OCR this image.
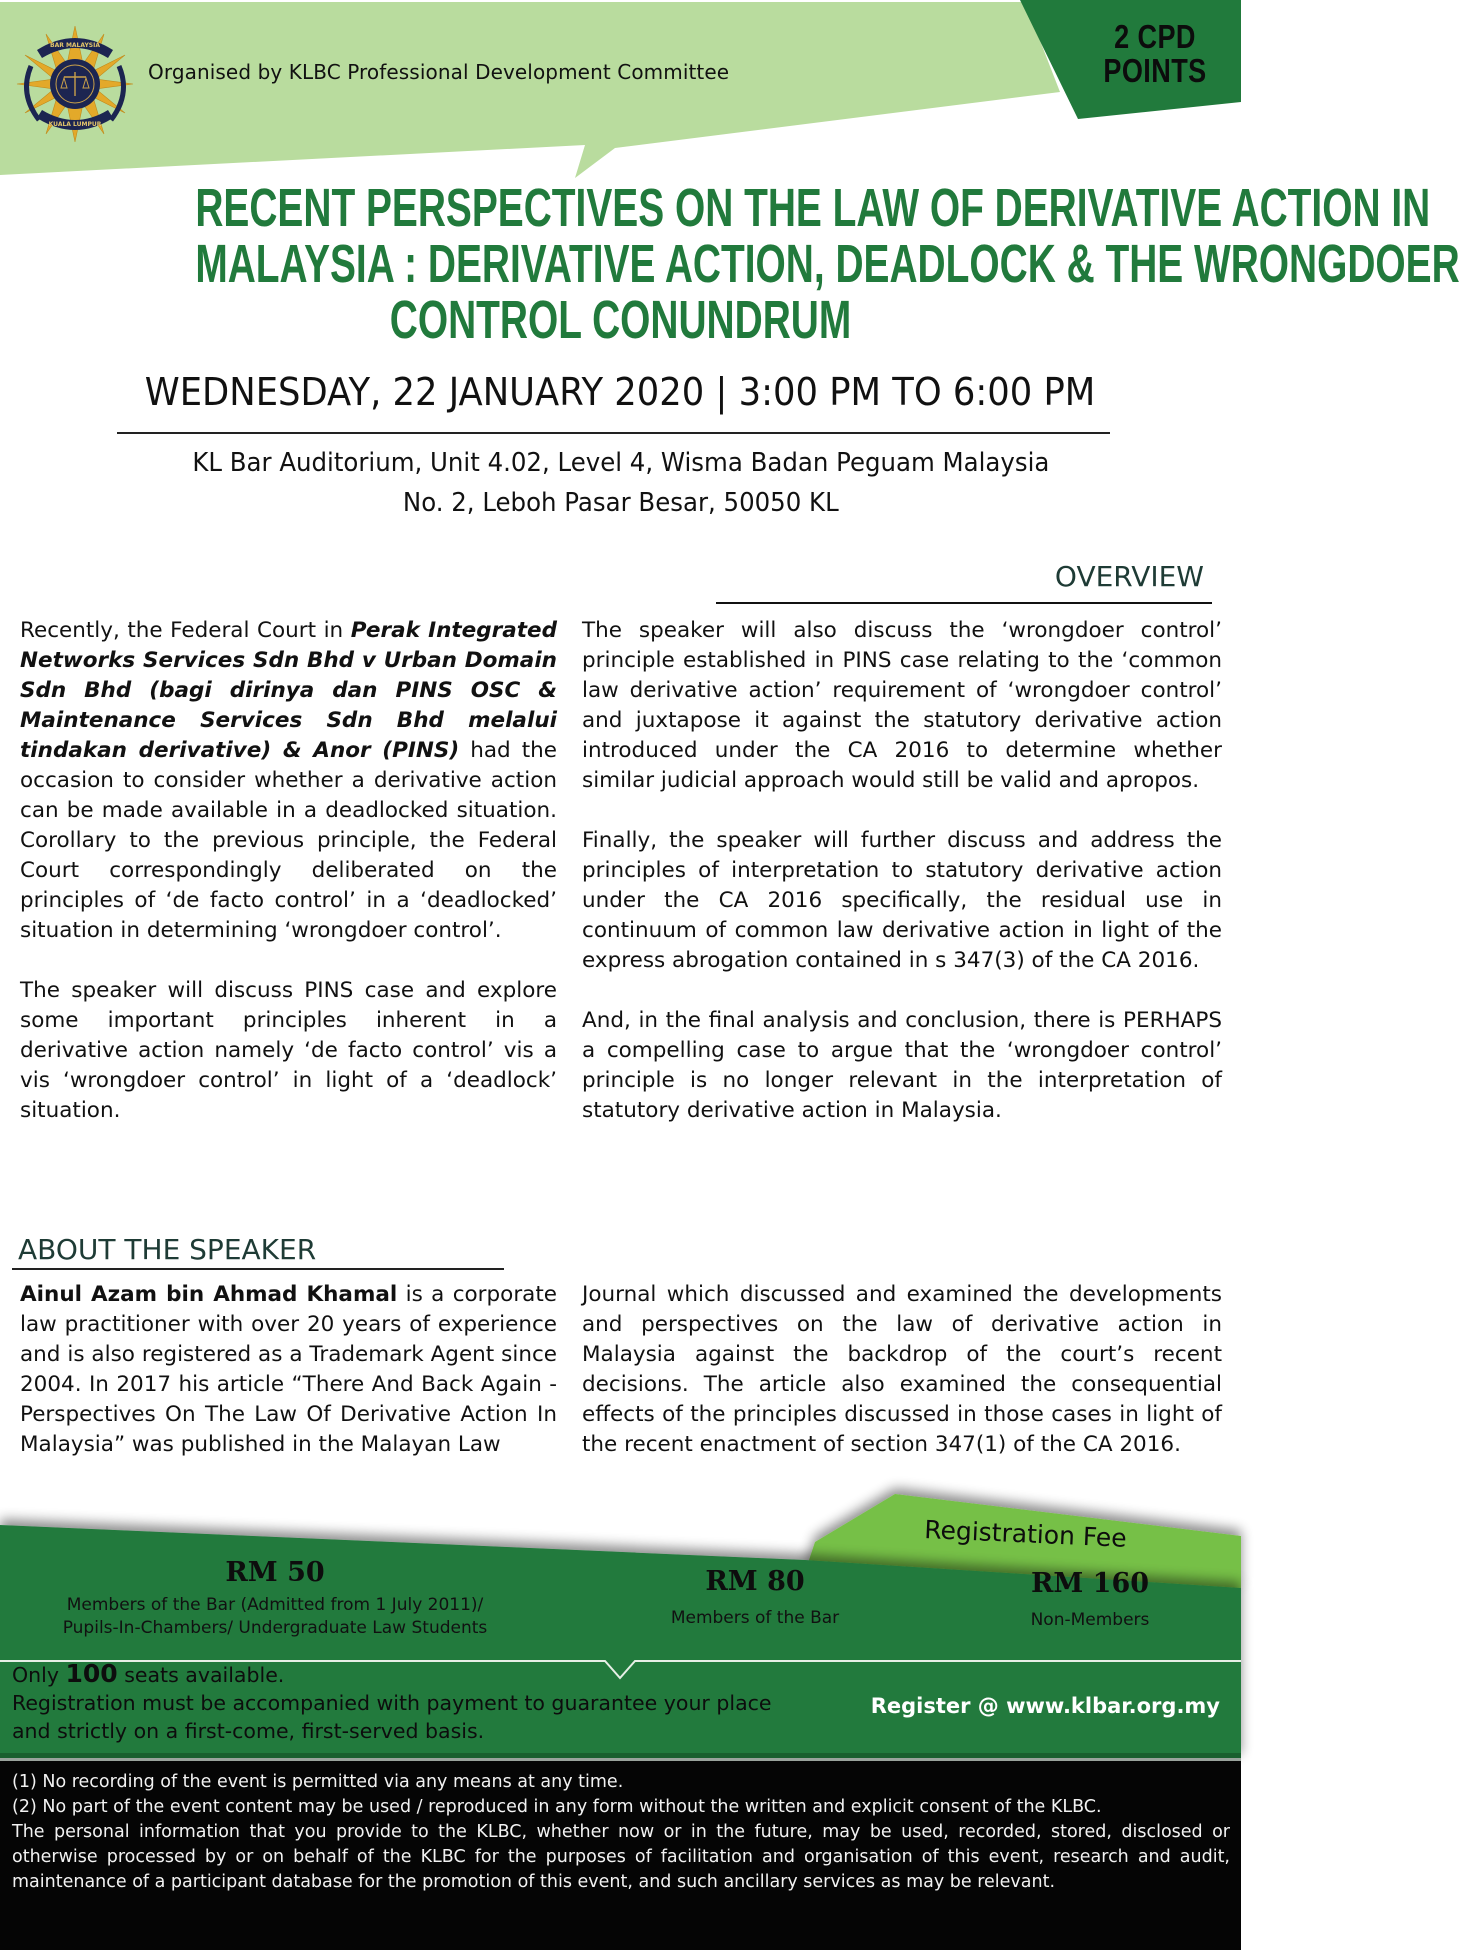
BAR MALAYSIA
KUALA LUMPUR
Organised by KLBC Professional Development Committee
2 CPD
POINTS
RECENT PERSPECTIVES ON THE LAW OF DERIVATIVE ACTION IN
MALAYSIA : DERIVATIVE ACTION, DEADLOCK & THE WRONGDOER
CONTROL CONUNDRUM
WEDNESDAY, 22 JANUARY 2020 | 3:00 PM TO 6:00 PM
KL Bar Auditorium, Unit 4.02, Level 4, Wisma Badan Peguam Malaysia
No. 2, Leboh Pasar Besar, 50050 KL
OVERVIEW

Recently, the Federal Court in Perak Integrated Networks Services Sdn Bhd v Urban Domain Sdn Bhd (bagi dirinya dan PINS OSC & Maintenance Services Sdn Bhd melalui tindakan derivative) & Anor (PINS) had the occasion to consider whether a derivative action can be made available in a deadlocked situation. Corollary to the previous principle, the Federal Court correspondingly deliberated on the principles of ‘de facto control’ in a ‘deadlocked’ situation in determining ‘wrongdoer control’.

The speaker will discuss PINS case and explore some important principles inherent in a derivative action namely ‘de facto control’ vis a vis ‘wrongdoer control’ in light of a ‘deadlock’ situation.

The speaker will also discuss the ‘wrongdoer control’ principle established in PINS case relating to the ‘common law derivative action’ requirement of ‘wrongdoer control’ and juxtapose it against the statutory derivative action introduced under the CA 2016 to determine whether similar judicial approach would still be valid and apropos.

Finally, the speaker will further discuss and address the principles of interpretation to statutory derivative action under the CA 2016 specifically, the residual use in continuum of common law derivative action in light of the express abrogation contained in s 347(3) of the CA 2016.

And, in the final analysis and conclusion, there is PERHAPS a compelling case to argue that the ‘wrongdoer control’ principle is no longer relevant in the interpretation of statutory derivative action in Malaysia.

ABOUT THE SPEAKER

Ainul Azam bin Ahmad Khamal is a corporate law practitioner with over 20 years of experience and is also registered as a Trademark Agent since 2004. In 2017 his article “There And Back Again - Perspectives On The Law Of Derivative Action In Malaysia” was published in the Malayan Law

Journal which discussed and examined the developments and perspectives on the law of derivative action in Malaysia against the backdrop of the court’s recent decisions. The article also examined the consequential effects of the principles discussed in those cases in light of the recent enactment of section 347(1) of the CA 2016.

Registration Fee
RM 50
Members of the Bar (Admitted from 1 July 2011)/
Pupils-In-Chambers/ Undergraduate Law Students
RM 80
Members of the Bar
RM 160
Non-Members
Only 100 seats available.
Registration must be accompanied with payment to guarantee your place and strictly on a first-come, first-served basis.
Register @ www.klbar.org.my
(1) No recording of the event is permitted via any means at any time.
(2) No part of the event content may be used / reproduced in any form without the written and explicit consent of the KLBC.
The personal information that you provide to the KLBC, whether now or in the future, may be used, recorded, stored, disclosed or otherwise processed by or on behalf of the KLBC for the purposes of facilitation and organisation of this event, research and audit, maintenance of a participant database for the promotion of this event, and such ancillary services as may be relevant.
